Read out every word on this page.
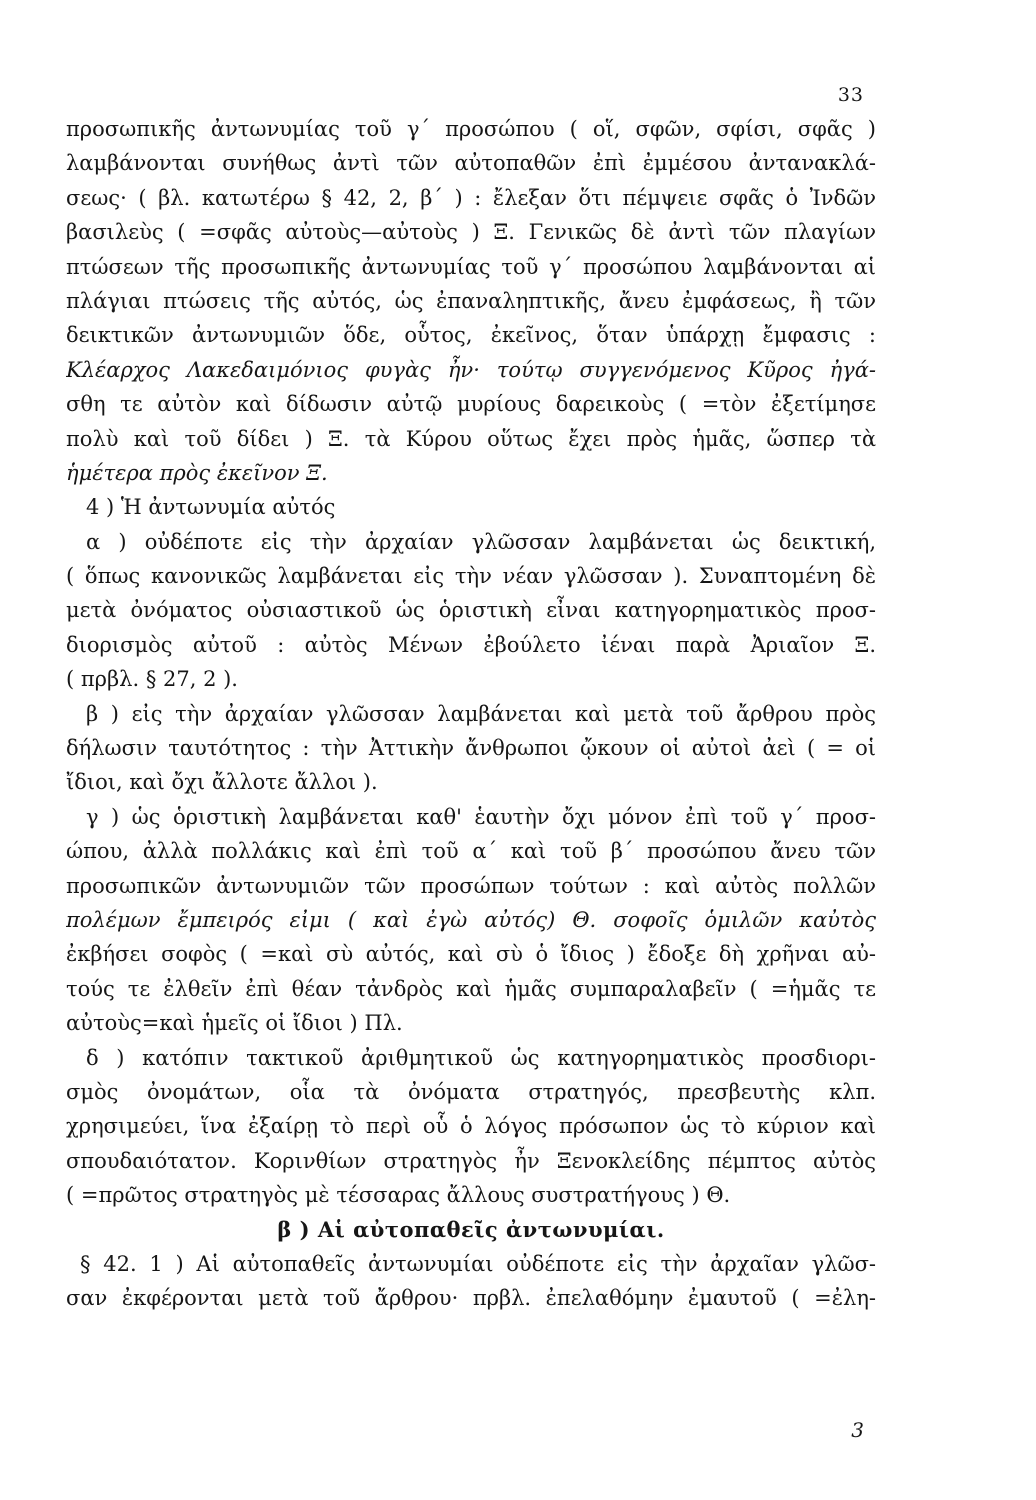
33
προσωπικῆς ἀντωνυμίας τοῦ γ΄ προσώπου ( οἵ, σφῶν, σφίσι, σφᾶς )
λαμβάνονται συνήθως ἀντὶ τῶν αὐτοπαθῶν ἐπὶ ἐμμέσου ἀντανακλά-
σεως· ( βλ. κατωτέρω § 42, 2, β΄ ) : ἔλεξαν ὅτι πέμψειε σφᾶς ὁ Ἰνδῶν
βασιλεὺς ( =σφᾶς αὐτοὺς—αὐτοὺς ) Ξ. Γενικῶς δὲ ἀντὶ τῶν πλαγίων
πτώσεων τῆς προσωπικῆς ἀντωνυμίας τοῦ γ΄ προσώπου λαμβάνονται αἱ
πλάγιαι πτώσεις τῆς αὐτός, ὡς ἐπαναληπτικῆς, ἄνευ ἐμφάσεως, ἢ τῶν
δεικτικῶν ἀντωνυμιῶν ὅδε, οὗτος, ἐκεῖνος, ὅταν ὑπάρχῃ ἔμφασις :
Κλέαρχος Λακεδαιμόνιος φυγὰς ἦν· τούτῳ συγγενόμενος Κῦρος ἠγά-
σθη τε αὐτὸν καὶ δίδωσιν αὐτῷ μυρίους δαρεικοὺς ( =τὸν ἐξετίμησε
πολὺ καὶ τοῦ δίδει ) Ξ. τὰ Κύρου οὕτως ἔχει πρὸς ἡμᾶς, ὥσπερ τὰ
ἡμέτερα πρὸς ἐκεῖνον Ξ.
4 ) Ἡ ἀντωνυμία αὐτός
α ) οὐδέποτε εἰς τὴν ἀρχαίαν γλῶσσαν λαμβάνεται ὡς δεικτική,
( ὅπως κανονικῶς λαμβάνεται εἰς τὴν νέαν γλῶσσαν ). Συναπτομένη δὲ
μετὰ ὀνόματος οὐσιαστικοῦ ὡς ὁριστικὴ εἶναι κατηγορηματικὸς προσ-
διορισμὸς αὐτοῦ : αὐτὸς Μένων ἐβούλετο ἰέναι παρὰ Ἀριαῖον Ξ.
( πρβλ. § 27, 2 ).
β ) εἰς τὴν ἀρχαίαν γλῶσσαν λαμβάνεται καὶ μετὰ τοῦ ἄρθρου πρὸς
δήλωσιν ταυτότητος : τὴν Ἀττικὴν ἄνθρωποι ᾤκουν οἱ αὐτοὶ ἀεὶ ( = οἱ
ἴδιοι, καὶ ὄχι ἄλλοτε ἄλλοι ).
γ ) ὡς ὁριστικὴ λαμβάνεται καθ' ἑαυτὴν ὄχι μόνον ἐπὶ τοῦ γ΄ προσ-
ώπου, ἀλλὰ πολλάκις καὶ ἐπὶ τοῦ α΄ καὶ τοῦ β΄ προσώπου ἄνευ τῶν
προσωπικῶν ἀντωνυμιῶν τῶν προσώπων τούτων : καὶ αὐτὸς πολλῶν
πολέμων ἔμπειρός εἰμι ( καὶ ἐγὼ αὐτός) Θ. σοφοῖς ὁμιλῶν καὐτὸς
ἐκβήσει σοφὸς ( =καὶ σὺ αὐτός, καὶ σὺ ὁ ἴδιος ) ἔδοξε δὴ χρῆναι αὐ-
τούς τε ἐλθεῖν ἐπὶ θέαν τἀνδρὸς καὶ ἡμᾶς συμπαραλαβεῖν ( =ἡμᾶς τε
αὐτοὺς=καὶ ἡμεῖς οἱ ἴδιοι ) Πλ.
δ ) κατόπιν τακτικοῦ ἀριθμητικοῦ ὡς κατηγορηματικὸς προσδιορι-
σμὸς ὀνομάτων, οἷα τὰ ὀνόματα στρατηγός, πρεσβευτὴς κλπ.
χρησιμεύει, ἵνα ἐξαίρῃ τὸ περὶ οὗ ὁ λόγος πρόσωπον ὡς τὸ κύριον καὶ
σπουδαιότατον. Κορινθίων στρατηγὸς ἦν Ξενοκλείδης πέμπτος αὐτὸς
( =πρῶτος στρατηγὸς μὲ τέσσαρας ἄλλους συστρατήγους ) Θ.
β ) Αἱ αὐτοπαθεῖς ἀντωνυμίαι.
§ 42. 1 ) Αἱ αὐτοπαθεῖς ἀντωνυμίαι οὐδέποτε εἰς τὴν ἀρχαῖαν γλῶσ-
σαν ἐκφέρονται μετὰ τοῦ ἄρθρου· πρβλ. ἐπελαθόμην ἐμαυτοῦ ( =ἐλη-
3
